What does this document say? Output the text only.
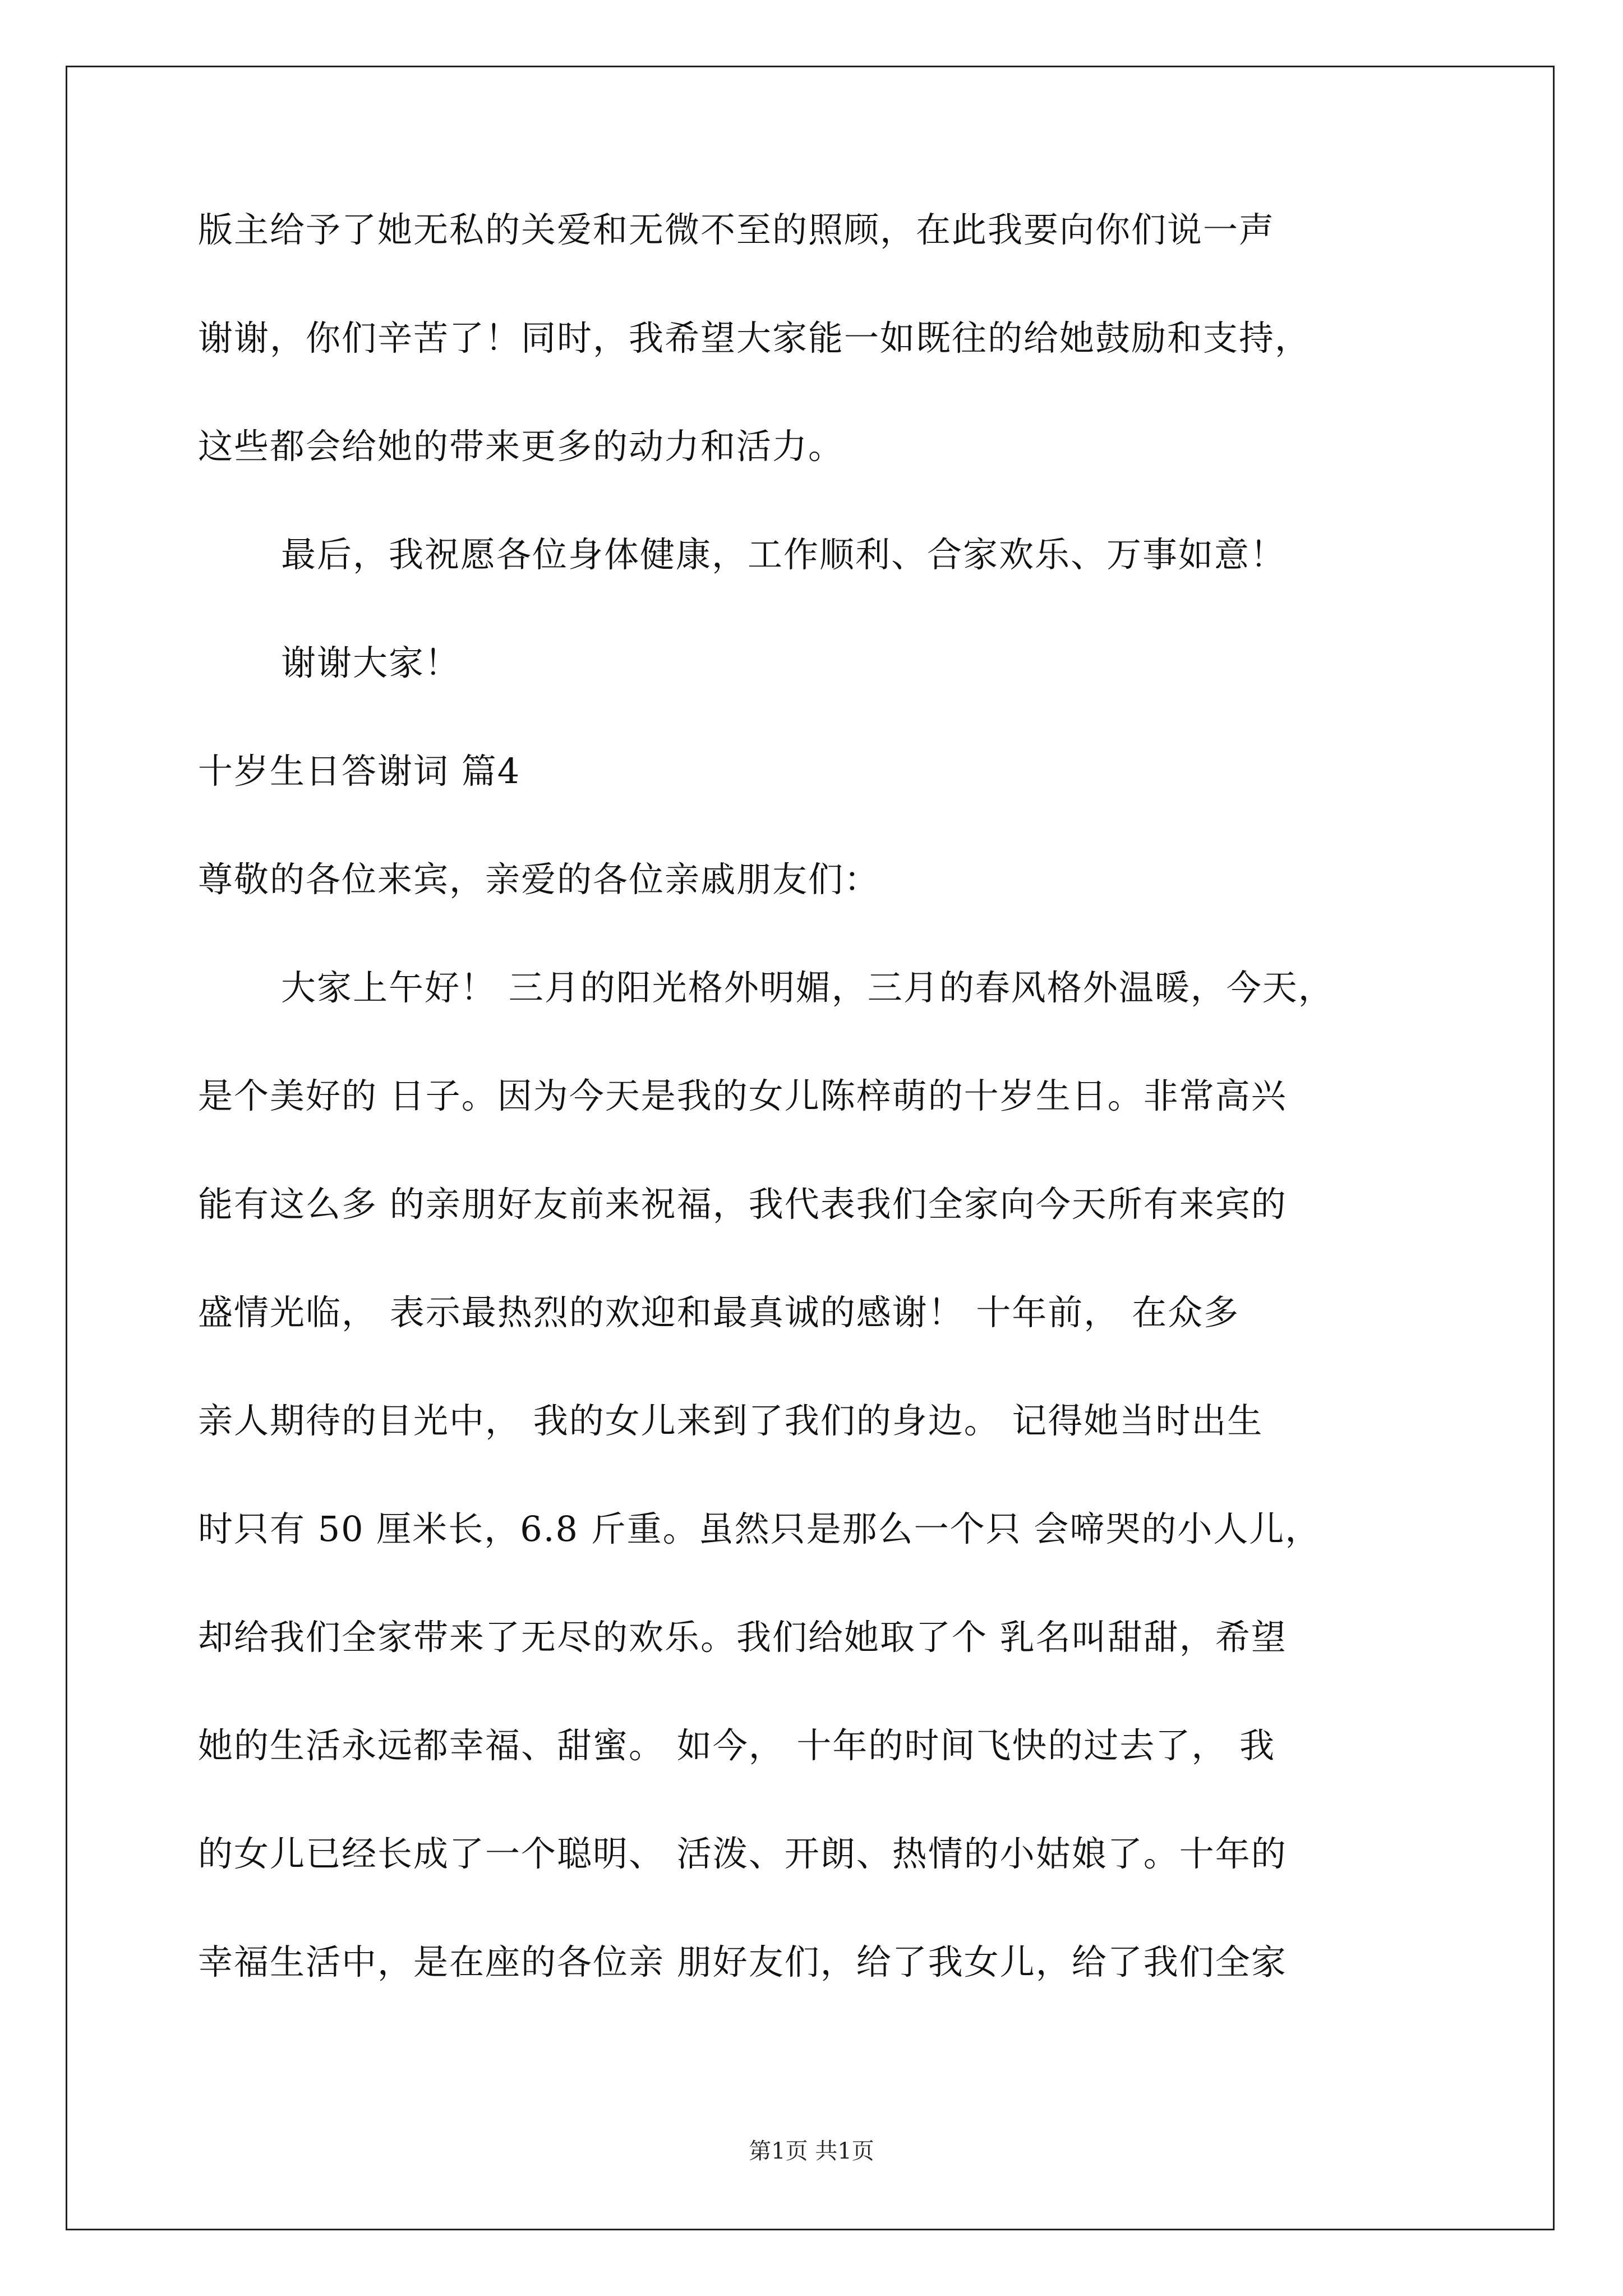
版主给予了她无私的关爱和无微不至的照顾，在此我要向你们说一声

谢谢，你们辛苦了！同时，我希望大家能一如既往的给她鼓励和支持，

这些都会给她的带来更多的动力和活力。

最后，我祝愿各位身体健康，工作顺利、合家欢乐、万事如意！

谢谢大家！

十岁生日答谢词 篇4

尊敬的各位来宾，亲爱的各位亲戚朋友们：

大家上午好！ 三月的阳光格外明媚，三月的春风格外温暖，今天，

是个美好的 日子。因为今天是我的女儿陈梓萌的十岁生日。非常高兴

能有这么多 的亲朋好友前来祝福，我代表我们全家向今天所有来宾的

盛情光临， 表示最热烈的欢迎和最真诚的感谢！ 十年前， 在众多

亲人期待的目光中， 我的女儿来到了我们的身边。 记得她当时出生

时只有 50 厘米长，6.8 斤重。虽然只是那么一个只 会啼哭的小人儿，

却给我们全家带来了无尽的欢乐。我们给她取了个 乳名叫甜甜，希望

她的生活永远都幸福、甜蜜。 如今， 十年的时间飞快的过去了， 我

的女儿已经长成了一个聪明、 活泼、开朗、热情的小姑娘了。十年的

幸福生活中，是在座的各位亲 朋好友们，给了我女儿，给了我们全家

第1页 共1页
